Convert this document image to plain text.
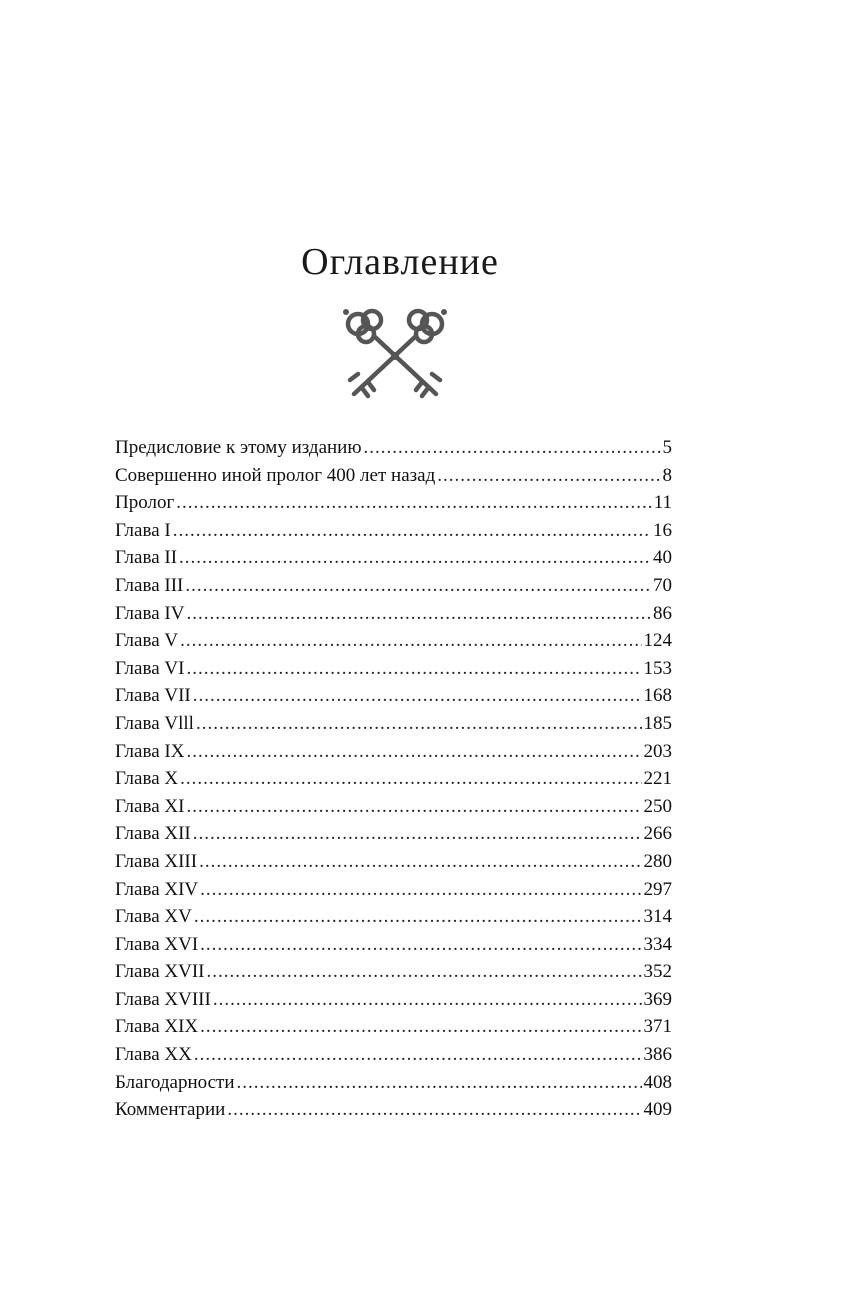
Оглавление
Предисловие к этому изданию .....	5
Совершенно иной пролог 400 лет назад .....	8
Пролог .....	11
Глава I .....	16
Глава II .....	40
Глава III .....	70
Глава IV .....	86
Глава V .....	124
Глава VI .....	153
Глава VII .....	168
Глава Vlll .....	185
Глава IX .....	203
Глава X .....	221
Глава XI .....	250
Глава XII .....	266
Глава XIII .....	280
Глава XIV .....	297
Глава XV .....	314
Глава XVI .....	334
Глава XVII .....	352
Глава XVIII .....	369
Глава XIX .....	371
Глава XX .....	386
Благодарности .....	408
Комментарии .....	409
